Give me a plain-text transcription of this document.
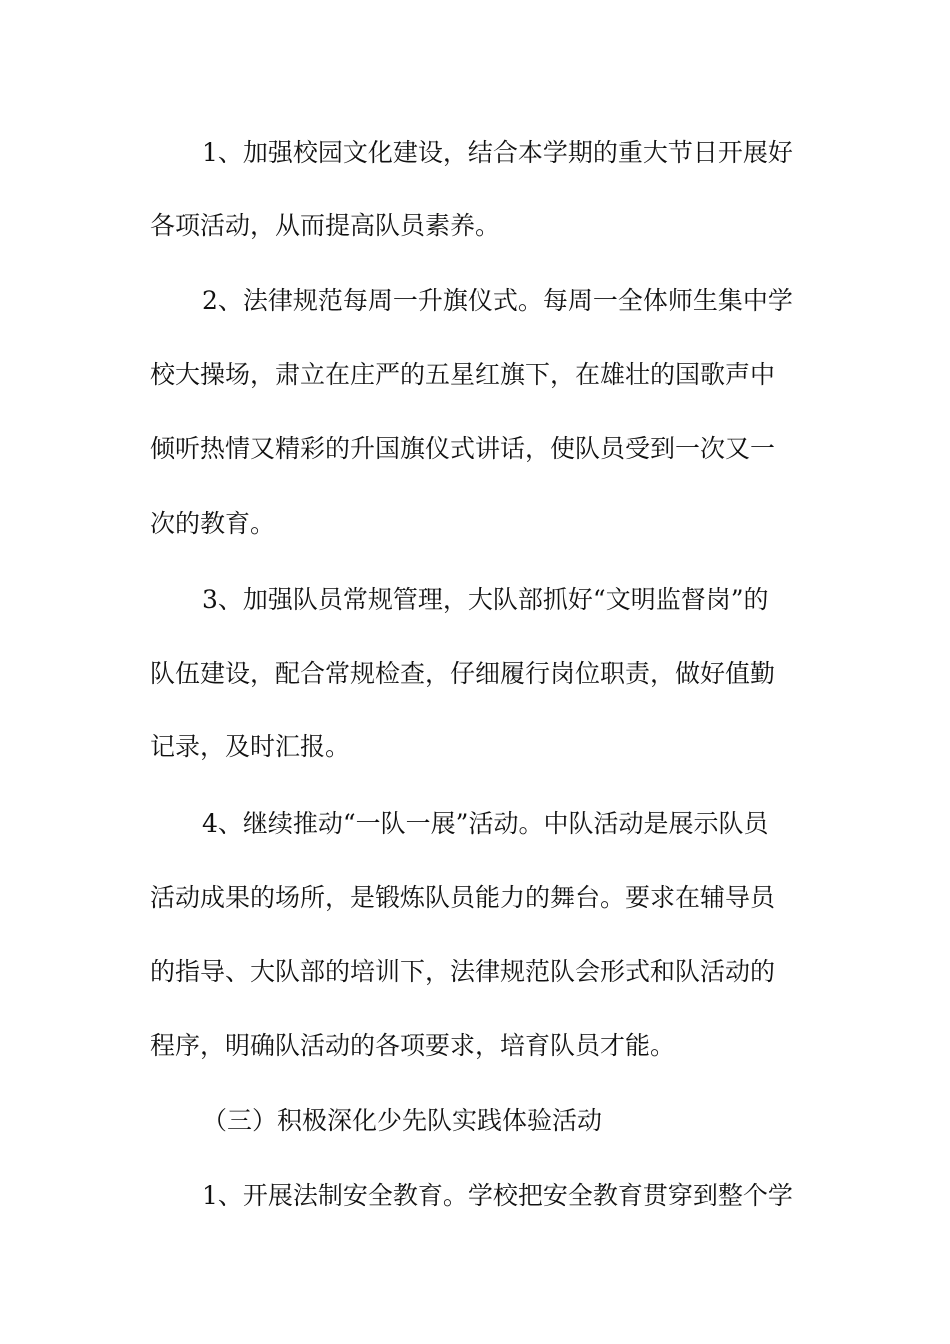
1、加强校园文化建设，结合本学期的重大节日开展好
各项活动，从而提高队员素养。
2、法律规范每周一升旗仪式。每周一全体师生集中学
校大操场，肃立在庄严的五星红旗下，在雄壮的国歌声中
倾听热情又精彩的升国旗仪式讲话，使队员受到一次又一
次的教育。
3、加强队员常规管理，大队部抓好“文明监督岗”的
队伍建设，配合常规检查，仔细履行岗位职责，做好值勤
记录，及时汇报。
4、继续推动“一队一展”活动。中队活动是展示队员
活动成果的场所，是锻炼队员能力的舞台。要求在辅导员
的指导、大队部的培训下，法律规范队会形式和队活动的
程序，明确队活动的各项要求，培育队员才能。
（三）积极深化少先队实践体验活动
1、开展法制安全教育。学校把安全教育贯穿到整个学
